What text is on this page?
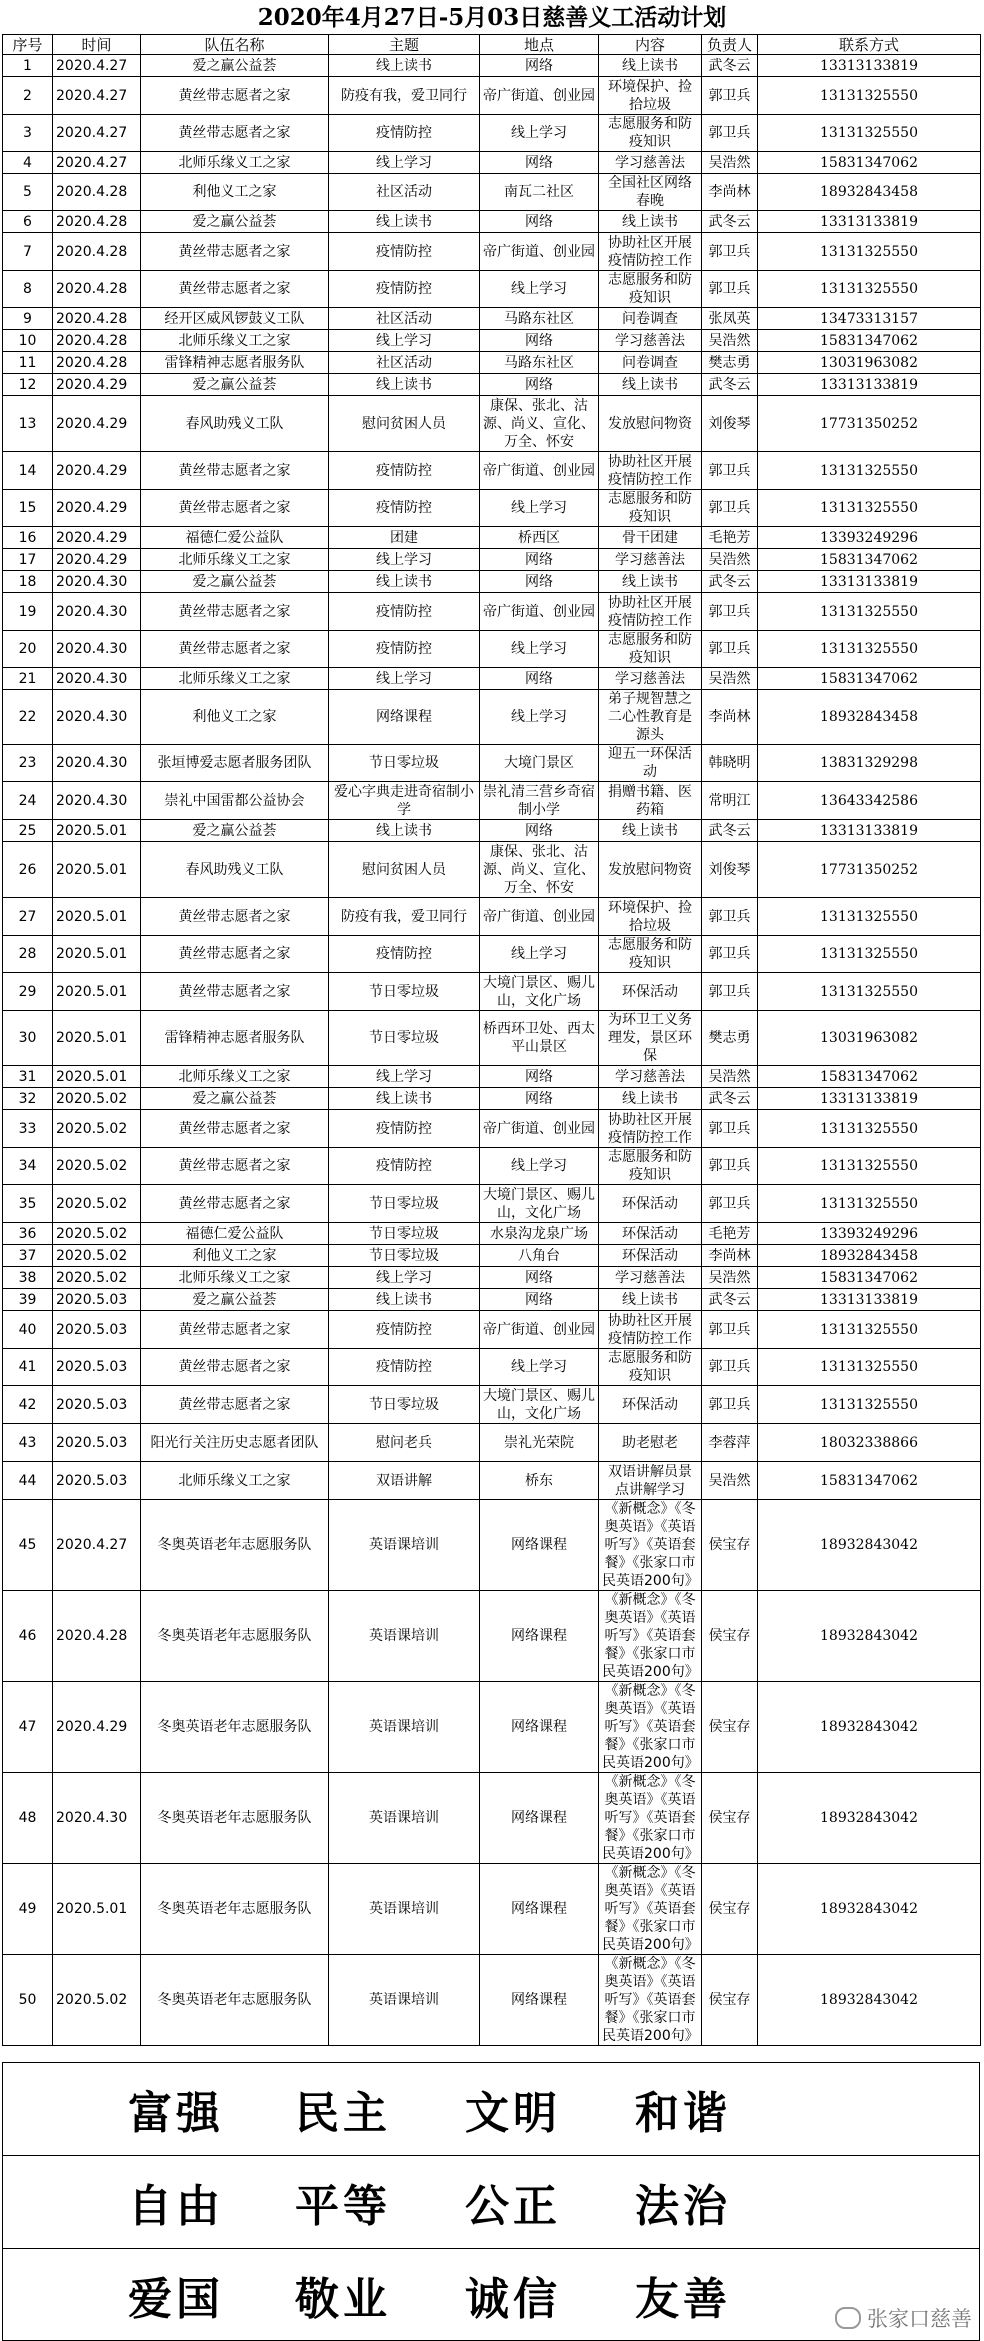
2020年4月27日-5月03日慈善义工活动计划
序号	时间	队伍名称	主题	地点	内容	负责人	联系方式
1	2020.4.27	爱之赢公益荟	线上读书	网络	线上读书	武冬云	13313133819
2	2020.4.27	黄丝带志愿者之家	防疫有我，爱卫同行	帝广街道、创业园	环境保护、捡拾垃圾	郭卫兵	13131325550
3	2020.4.27	黄丝带志愿者之家	疫情防控	线上学习	志愿服务和防疫知识	郭卫兵	13131325550
4	2020.4.27	北师乐缘义工之家	线上学习	网络	学习慈善法	吴浩然	15831347062
5	2020.4.28	利他义工之家	社区活动	南瓦二社区	全国社区网络春晚	李尚林	18932843458
6	2020.4.28	爱之赢公益荟	线上读书	网络	线上读书	武冬云	13313133819
7	2020.4.28	黄丝带志愿者之家	疫情防控	帝广街道、创业园	协助社区开展疫情防控工作	郭卫兵	13131325550
8	2020.4.28	黄丝带志愿者之家	疫情防控	线上学习	志愿服务和防疫知识	郭卫兵	13131325550
9	2020.4.28	经开区威风锣鼓义工队	社区活动	马路东社区	问卷调查	张凤英	13473313157
10	2020.4.28	北师乐缘义工之家	线上学习	网络	学习慈善法	吴浩然	15831347062
11	2020.4.28	雷锋精神志愿者服务队	社区活动	马路东社区	问卷调查	樊志勇	13031963082
12	2020.4.29	爱之赢公益荟	线上读书	网络	线上读书	武冬云	13313133819
13	2020.4.29	春风助残义工队	慰问贫困人员	康保、张北、沽源、尚义、宣化、万全、怀安	发放慰问物资	刘俊琴	17731350252
14	2020.4.29	黄丝带志愿者之家	疫情防控	帝广街道、创业园	协助社区开展疫情防控工作	郭卫兵	13131325550
15	2020.4.29	黄丝带志愿者之家	疫情防控	线上学习	志愿服务和防疫知识	郭卫兵	13131325550
16	2020.4.29	福德仁爱公益队	团建	桥西区	骨干团建	毛艳芳	13393249296
17	2020.4.29	北师乐缘义工之家	线上学习	网络	学习慈善法	吴浩然	15831347062
18	2020.4.30	爱之赢公益荟	线上读书	网络	线上读书	武冬云	13313133819
19	2020.4.30	黄丝带志愿者之家	疫情防控	帝广街道、创业园	协助社区开展疫情防控工作	郭卫兵	13131325550
20	2020.4.30	黄丝带志愿者之家	疫情防控	线上学习	志愿服务和防疫知识	郭卫兵	13131325550
21	2020.4.30	北师乐缘义工之家	线上学习	网络	学习慈善法	吴浩然	15831347062
22	2020.4.30	利他义工之家	网络课程	线上学习	弟子规智慧之二心性教育是源头	李尚林	18932843458
23	2020.4.30	张垣博爱志愿者服务团队	节日零垃圾	大境门景区	迎五一环保活动	韩晓明	13831329298
24	2020.4.30	崇礼中国雷都公益协会	爱心字典走进奇宿制小学	崇礼清三营乡奇宿制小学	捐赠书籍、医药箱	常明江	13643342586
25	2020.5.01	爱之赢公益荟	线上读书	网络	线上读书	武冬云	13313133819
26	2020.5.01	春风助残义工队	慰问贫困人员	康保、张北、沽源、尚义、宣化、万全、怀安	发放慰问物资	刘俊琴	17731350252
27	2020.5.01	黄丝带志愿者之家	防疫有我，爱卫同行	帝广街道、创业园	环境保护、捡拾垃圾	郭卫兵	13131325550
28	2020.5.01	黄丝带志愿者之家	疫情防控	线上学习	志愿服务和防疫知识	郭卫兵	13131325550
29	2020.5.01	黄丝带志愿者之家	节日零垃圾	大境门景区、赐儿山，文化广场	环保活动	郭卫兵	13131325550
30	2020.5.01	雷锋精神志愿者服务队	节日零垃圾	桥西环卫处、西太平山景区	为环卫工义务理发，景区环保	樊志勇	13031963082
31	2020.5.01	北师乐缘义工之家	线上学习	网络	学习慈善法	吴浩然	15831347062
32	2020.5.02	爱之赢公益荟	线上读书	网络	线上读书	武冬云	13313133819
33	2020.5.02	黄丝带志愿者之家	疫情防控	帝广街道、创业园	协助社区开展疫情防控工作	郭卫兵	13131325550
34	2020.5.02	黄丝带志愿者之家	疫情防控	线上学习	志愿服务和防疫知识	郭卫兵	13131325550
35	2020.5.02	黄丝带志愿者之家	节日零垃圾	大境门景区、赐儿山，文化广场	环保活动	郭卫兵	13131325550
36	2020.5.02	福德仁爱公益队	节日零垃圾	水泉沟龙泉广场	环保活动	毛艳芳	13393249296
37	2020.5.02	利他义工之家	节日零垃圾	八角台	环保活动	李尚林	18932843458
38	2020.5.02	北师乐缘义工之家	线上学习	网络	学习慈善法	吴浩然	15831347062
39	2020.5.03	爱之赢公益荟	线上读书	网络	线上读书	武冬云	13313133819
40	2020.5.03	黄丝带志愿者之家	疫情防控	帝广街道、创业园	协助社区开展疫情防控工作	郭卫兵	13131325550
41	2020.5.03	黄丝带志愿者之家	疫情防控	线上学习	志愿服务和防疫知识	郭卫兵	13131325550
42	2020.5.03	黄丝带志愿者之家	节日零垃圾	大境门景区、赐儿山，文化广场	环保活动	郭卫兵	13131325550
43	2020.5.03	阳光行关注历史志愿者团队	慰问老兵	崇礼光荣院	助老慰老	李蓉萍	18032338866
44	2020.5.03	北师乐缘义工之家	双语讲解	桥东	双语讲解员景点讲解学习	吴浩然	15831347062
45	2020.4.27	冬奥英语老年志愿服务队	英语课培训	网络课程	《新概念》《冬奥英语》《英语听写》《英语套餐》《张家口市民英语200句》	侯宝存	18932843042
46	2020.4.28	冬奥英语老年志愿服务队	英语课培训	网络课程	《新概念》《冬奥英语》《英语听写》《英语套餐》《张家口市民英语200句》	侯宝存	18932843042
47	2020.4.29	冬奥英语老年志愿服务队	英语课培训	网络课程	《新概念》《冬奥英语》《英语听写》《英语套餐》《张家口市民英语200句》	侯宝存	18932843042
48	2020.4.30	冬奥英语老年志愿服务队	英语课培训	网络课程	《新概念》《冬奥英语》《英语听写》《英语套餐》《张家口市民英语200句》	侯宝存	18932843042
49	2020.5.01	冬奥英语老年志愿服务队	英语课培训	网络课程	《新概念》《冬奥英语》《英语听写》《英语套餐》《张家口市民英语200句》	侯宝存	18932843042
50	2020.5.02	冬奥英语老年志愿服务队	英语课培训	网络课程	《新概念》《冬奥英语》《英语听写》《英语套餐》《张家口市民英语200句》	侯宝存	18932843042
富强	民主	文明	和谐
自由	平等	公正	法治
爱国	敬业	诚信	友善	张家口慈善
